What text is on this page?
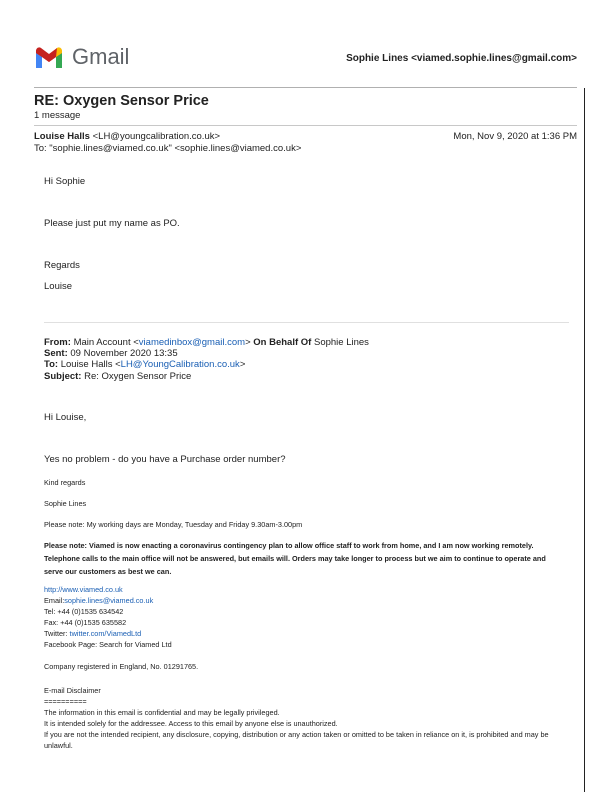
Gmail	Sophie Lines <viamed.sophie.lines@gmail.com>
RE: Oxygen Sensor Price
1 message
Louise Halls <LH@youngcalibration.co.uk>	Mon, Nov 9, 2020 at 1:36 PM
To: "sophie.lines@viamed.co.uk" <sophie.lines@viamed.co.uk>
Hi Sophie
Please just put my name as PO.
Regards
Louise
From: Main Account <viamedinbox@gmail.com> On Behalf Of Sophie Lines
Sent: 09 November 2020 13:35
To: Louise Halls <LH@YoungCalibration.co.uk>
Subject: Re: Oxygen Sensor Price
Hi Louise,
Yes no problem - do you have a Purchase order number?
Kind regards
Sophie Lines
Please note: My working days are Monday, Tuesday and Friday 9.30am-3.00pm
Please note: Viamed is now enacting a coronavirus contingency plan to allow office staff to work from home, and I am now working remotely.
Telephone calls to the main office will not be answered, but emails will. Orders may take longer to process but we aim to continue to operate and
serve our customers as best we can.
http://www.viamed.co.uk
Email:sophie.lines@viamed.co.uk
Tel: +44 (0)1535 634542
Fax: +44 (0)1535 635582
Twitter: twitter.com/ViamedLtd
Facebook Page: Search for Viamed Ltd
Company registered in England, No. 01291765.
E-mail Disclaimer
==========
The information in this email is confidential and may be legally privileged.
It is intended solely for the addressee. Access to this email by anyone else is unauthorized.
If you are not the intended recipient, any disclosure, copying, distribution or any action taken or omitted to be taken in reliance on it, is prohibited and may be
unlawful.
